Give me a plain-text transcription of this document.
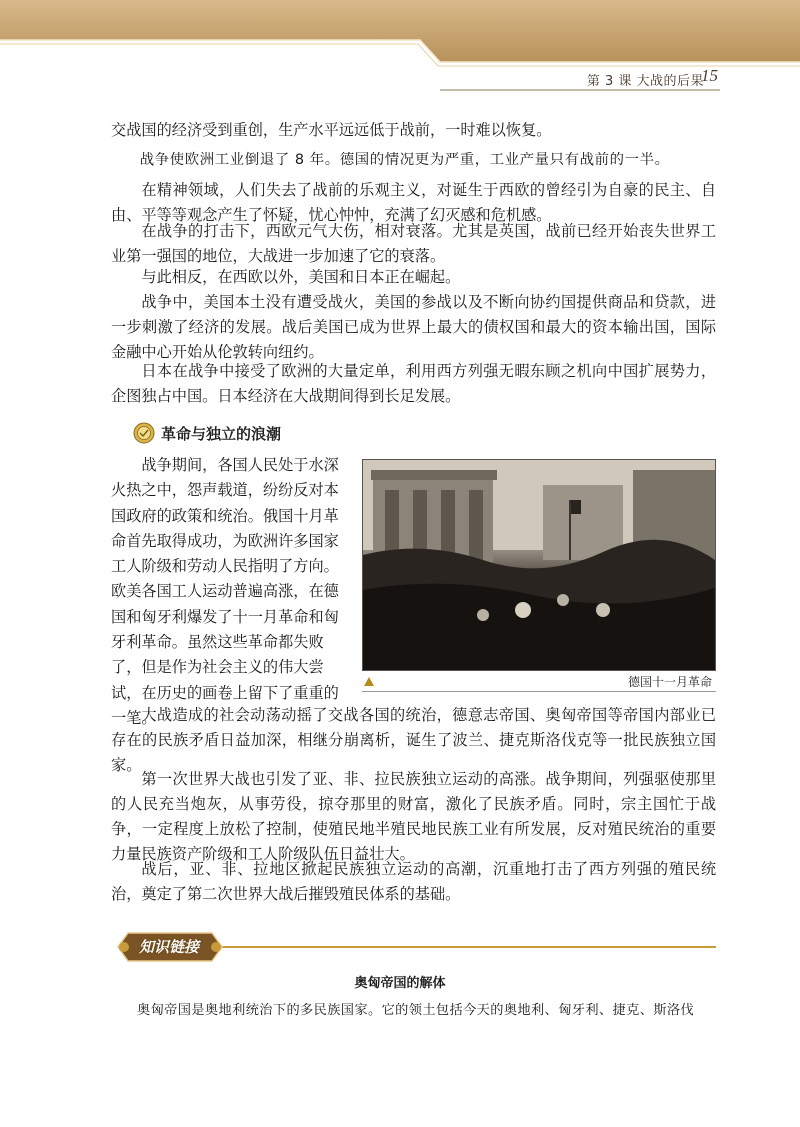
第 3 课 大战的后果
15

交战国的经济受到重创，生产水平远远低于战前，一时难以恢复。

战争使欧洲工业倒退了 8 年。德国的情况更为严重，工业产量只有战前的一半。

在精神领域，人们失去了战前的乐观主义，对诞生于西欧的曾经引为自豪的民主、自由、平等等观念产生了怀疑，忧心忡忡，充满了幻灭感和危机感。

在战争的打击下，西欧元气大伤，相对衰落。尤其是英国，战前已经开始丧失世界工业第一强国的地位，大战进一步加速了它的衰落。

与此相反，在西欧以外，美国和日本正在崛起。

战争中，美国本土没有遭受战火，美国的参战以及不断向协约国提供商品和贷款，进一步刺激了经济的发展。战后美国已成为世界上最大的债权国和最大的资本输出国，国际金融中心开始从伦敦转向纽约。

日本在战争中接受了欧洲的大量定单，利用西方列强无暇东顾之机向中国扩展势力，企图独占中国。日本经济在大战期间得到长足发展。

革命与独立的浪潮

战争期间，各国人民处于水深火热之中，怨声载道，纷纷反对本国政府的政策和统治。俄国十月革命首先取得成功，为欧洲许多国家工人阶级和劳动人民指明了方向。欧美各国工人运动普遍高涨，在德国和匈牙利爆发了十一月革命和匈牙利革命。虽然这些革命都失败了，但是作为社会主义的伟大尝试，在历史的画卷上留下了重重的一笔。

德国十一月革命

大战造成的社会动荡动摇了交战各国的统治，德意志帝国、奥匈帝国等帝国内部业已存在的民族矛盾日益加深，相继分崩离析，诞生了波兰、捷克斯洛伐克等一批民族独立国家。

第一次世界大战也引发了亚、非、拉民族独立运动的高涨。战争期间，列强驱使那里的人民充当炮灰，从事劳役，掠夺那里的财富，激化了民族矛盾。同时，宗主国忙于战争，一定程度上放松了控制，使殖民地半殖民地民族工业有所发展，反对殖民统治的重要力量民族资产阶级和工人阶级队伍日益壮大。

战后，亚、非、拉地区掀起民族独立运动的高潮，沉重地打击了西方列强的殖民统治，奠定了第二次世界大战后摧毁殖民体系的基础。

知识链接
奥匈帝国的解体
奥匈帝国是奥地利统治下的多民族国家。它的领土包括今天的奥地利、匈牙利、捷克、斯洛伐
